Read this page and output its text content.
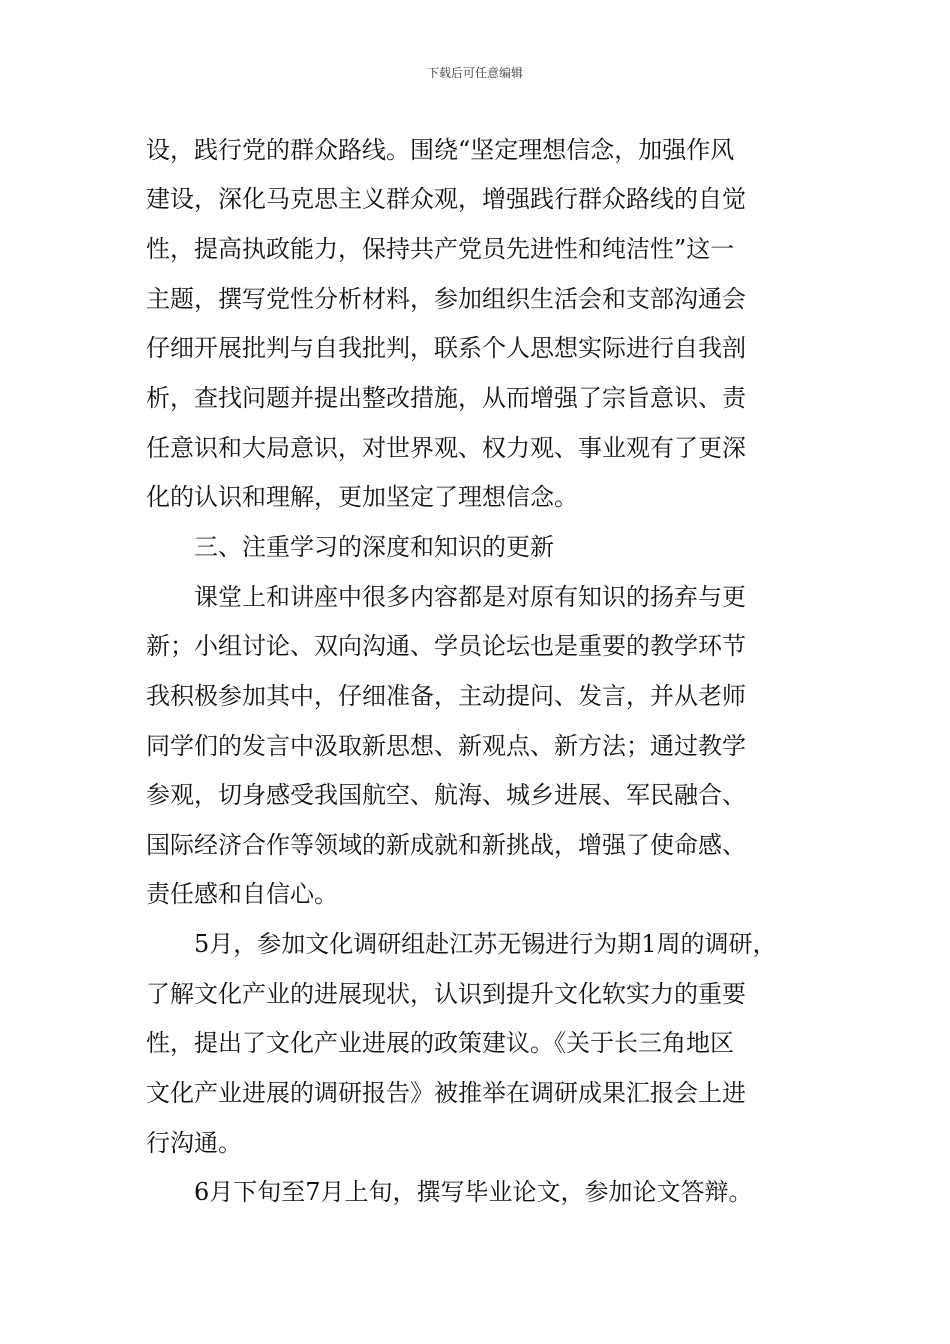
下载后可任意编辑
设，践行党的群众路线。围绕“坚定理想信念，加强作风
建设，深化马克思主义群众观，增强践行群众路线的自觉
性，提高执政能力，保持共产党员先进性和纯洁性”这一
主题，撰写党性分析材料，参加组织生活会和支部沟通会
仔细开展批判与自我批判，联系个人思想实际进行自我剖
析，查找问题并提出整改措施，从而增强了宗旨意识、责
任意识和大局意识，对世界观、权力观、事业观有了更深
化的认识和理解，更加坚定了理想信念。
三、注重学习的深度和知识的更新
课堂上和讲座中很多内容都是对原有知识的扬弃与更
新；小组讨论、双向沟通、学员论坛也是重要的教学环节
我积极参加其中，仔细准备，主动提问、发言，并从老师
同学们的发言中汲取新思想、新观点、新方法；通过教学
参观，切身感受我国航空、航海、城乡进展、军民融合、
国际经济合作等领域的新成就和新挑战，增强了使命感、
责任感和自信心。
5月，参加文化调研组赴江苏无锡进行为期1周的调研，
了解文化产业的进展现状，认识到提升文化软实力的重要
性，提出了文化产业进展的政策建议。《关于长三角地区
文化产业进展的调研报告》被推举在调研成果汇报会上进
行沟通。
6月下旬至7月上旬，撰写毕业论文，参加论文答辩。
